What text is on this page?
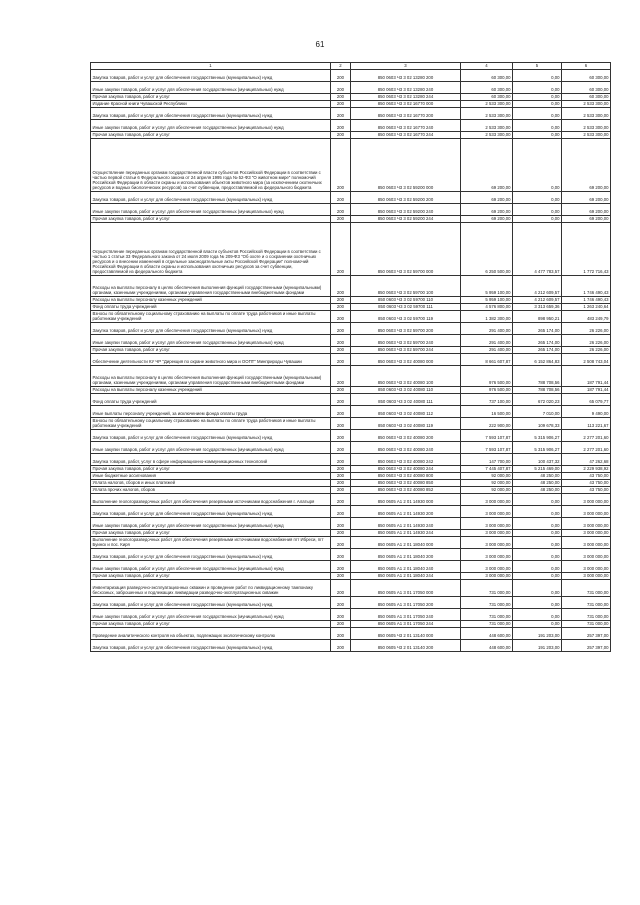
61
1	2	3	4	5	6
Закупка товаров, работ и услуг для обеспечения государственных (муниципальных) нужд	200	850 0603 Ч3 3 02 13280 200	60 300,00	0,00	60 300,00
Иные закупки товаров, работ и услуг для обеспечения государственных (муниципальных) нужд	200	850 0603 Ч3 3 02 13280 240	60 300,00	0,00	60 300,00
Прочая закупка товаров, работ и услуг	200	850 0603 Ч3 3 02 13280 244	60 300,00	0,00	60 300,00
Издание Красной книги Чувашской Республики	200	850 0603 Ч3 3 02 16770 000	2 533 300,00	0,00	2 533 300,00
Закупка товаров, работ и услуг для обеспечения государственных (муниципальных) нужд	200	850 0603 Ч3 3 02 16770 200	2 533 300,00	0,00	2 533 300,00
Иные закупки товаров, работ и услуг для обеспечения государственных (муниципальных) нужд	200	850 0603 Ч3 3 02 16770 240	2 533 300,00	0,00	2 533 300,00
Прочая закупка товаров, работ и услуг	200	850 0603 Ч3 3 02 16770 244	2 533 300,00	0,00	2 533 300,00
Осуществление переданных органам государственной власти субъектов Российской Федерации в соответствии с частью первой статьи 6 Федерального закона от 24 апреля 1995 года № 52-ФЗ "О животном мире" полномочий Российской Федерации в области охраны и использования объектов животного мира (за исключением охотничьих ресурсов и водных биологических ресурсов) за счет субвенции, предоставляемой из федерального бюджета	200	850 0603 Ч3 3 02 59200 000	69 200,00	0,00	69 200,00
Закупка товаров, работ и услуг для обеспечения государственных (муниципальных) нужд	200	850 0603 Ч3 3 02 59200 200	69 200,00	0,00	69 200,00
Иные закупки товаров, работ и услуг для обеспечения государственных (муниципальных) нужд	200	850 0603 Ч3 3 02 59200 240	69 200,00	0,00	69 200,00
Прочая закупка товаров, работ и услуг	200	850 0603 Ч3 3 02 59200 244	69 200,00	0,00	69 200,00
Осуществление переданных органам государственной власти субъектов Российской Федерации в соответствии с частью 1 статьи 33 Федерального закона от 24 июля 2009 года № 209-ФЗ "Об охоте и о сохранении охотничьих ресурсов и о внесении изменений в отдельные законодательные акты Российской Федерации" полномочий Российской Федерации в области охраны и использования охотничьих ресурсов за счет субвенции, предоставляемой из федерального бюджета	200	850 0603 Ч3 3 02 59700 000	6 250 500,00	4 477 783,57	1 772 716,43
Расходы на выплаты персоналу в целях обеспечения выполнения функций государственными (муниципальными) органами, казенными учреждениями, органами управления государственными внебюджетными фондами	200	850 0603 Ч3 3 02 59700 100	5 959 100,00	4 212 609,57	1 746 490,43
Расходы на выплаты персоналу казенных учреждений	200	850 0603 Ч3 3 02 59700 110	5 959 100,00	4 212 609,57	1 746 490,43
Фонд оплаты труда учреждений	200	850 0603 Ч3 3 02 59700 111	4 576 800,00	3 313 659,36	1 263 240,64
Взносы по обязательному социальному страхованию на выплаты по оплате труда работников и иные выплаты работникам учреждений	200	850 0603 Ч3 3 02 59700 119	1 382 300,00	898 950,21	483 249,79
Закупка товаров, работ и услуг для обеспечения государственных (муниципальных) нужд	200	850 0603 Ч3 3 02 59700 200	291 400,00	265 174,00	26 226,00
Иные закупки товаров, работ и услуг для обеспечения государственных (муниципальных) нужд	200	850 0603 Ч3 3 02 59700 240	291 400,00	265 174,00	26 226,00
Прочая закупка товаров, работ и услуг	200	850 0603 Ч3 3 02 59700 244	291 400,00	265 174,00	26 226,00
Обеспечение деятельности КУ ЧР "Дирекция по охране животного мира и ООПТ" Минприроды Чувашии	200	850 0603 Ч3 3 02 40080 000	8 661 607,87	6 152 864,83	2 508 743,04
Расходы на выплаты персоналу в целях обеспечения выполнения функций государственными (муниципальными) органами, казенными учреждениями, органами управления государственными внебюджетными фондами	200	850 0603 Ч3 3 02 40080 100	976 500,00	788 708,56	187 791,44
Расходы на выплаты персоналу казенных учреждений	200	850 0603 Ч3 3 02 40080 110	976 500,00	788 708,56	187 791,44
Фонд оплаты труда учреждений	200	850 0603 Ч3 3 02 40080 111	737 100,00	672 020,23	65 079,77
Иные выплаты персоналу учреждений, за исключением фонда оплаты труда	200	850 0603 Ч3 3 02 40080 112	16 500,00	7 010,00	9 490,00
Взносы по обязательному социальному страхованию на выплаты по оплате труда работников и иные выплаты работникам учреждений	200	850 0603 Ч3 3 02 40080 119	222 900,00	109 678,33	113 221,67
Закупка товаров, работ и услуг для обеспечения государственных (муниципальных) нужд	200	850 0603 Ч3 3 02 40080 200	7 593 107,87	5 315 906,27	2 277 201,60
Иные закупки товаров, работ и услуг для обеспечения государственных (муниципальных) нужд	200	850 0603 Ч3 3 02 40080 240	7 593 107,87	5 315 906,27	2 277 201,60
Закупка товаров, работ, услуг в сфере информационно-коммуникационных технологий	200	850 0603 Ч3 3 02 40080 242	147 700,00	100 437,32	47 262,68
Прочая закупка товаров, работ и услуг	200	850 0603 Ч3 3 02 40080 244	7 445 407,87	5 215 469,00	2 229 938,92
Иные бюджетные ассигнования	200	850 0603 Ч3 3 02 40080 800	92 000,00	48 250,00	43 750,00
Уплата налогов, сборов и иных платежей	200	850 0603 Ч3 3 02 40080 850	92 000,00	48 250,00	43 750,00
Уплата прочих налогов, сборов	200	850 0603 Ч3 3 02 40080 852	92 000,00	48 250,00	43 750,00
Выполнение геологоразведочных работ для обеспечения резервными источниками водоснабжения г. Алатыря	200	850 0605 А1 2 01 14930 000	3 000 000,00	0,00	3 000 000,00
Закупка товаров, работ и услуг для обеспечения государственных (муниципальных) нужд	200	850 0605 А1 2 01 14930 200	3 000 000,00	0,00	3 000 000,00
Иные закупки товаров, работ и услуг для обеспечения государственных (муниципальных) нужд	200	850 0605 А1 2 01 14930 240	3 000 000,00	0,00	3 000 000,00
Прочая закупка товаров, работ и услуг	200	850 0605 А1 2 01 14930 244	3 000 000,00	0,00	3 000 000,00
Выполнение геологоразведочных работ для обеспечения резервными источниками водоснабжения пгт Ибреси, пгт Буинск и пос. Киря	200	850 0605 А1 2 01 18040 000	3 000 000,00	0,00	3 000 000,00
Закупка товаров, работ и услуг для обеспечения государственных (муниципальных) нужд	200	850 0605 А1 2 01 18040 200	3 000 000,00	0,00	3 000 000,00
Иные закупки товаров, работ и услуг для обеспечения государственных (муниципальных) нужд	200	850 0605 А1 2 01 18040 240	3 000 000,00	0,00	3 000 000,00
Прочая закупка товаров, работ и услуг	200	850 0605 А1 2 01 18040 244	3 000 000,00	0,00	3 000 000,00
Инвентаризация разведочно-эксплуатационных скважин и проведение работ по ликвидационному тампонажу бесхозных, заброшенных и подлежащих ликвидации разведочно-эксплуатационных скважин	200	850 0605 А1 3 01 17050 000	731 000,00	0,00	731 000,00
Закупка товаров, работ и услуг для обеспечения государственных (муниципальных) нужд	200	850 0605 А1 3 01 17050 200	731 000,00	0,00	731 000,00
Иные закупки товаров, работ и услуг для обеспечения государственных (муниципальных) нужд	200	850 0605 А1 3 01 17050 240	731 000,00	0,00	731 000,00
Прочая закупка товаров, работ и услуг	200	850 0605 А1 3 01 17050 244	731 000,00	0,00	731 000,00
Проведение аналитического контроля на объектах, подлежащих экологическому контролю	200	850 0605 Ч3 2 01 13140 000	448 600,00	191 203,00	257 397,00
Закупка товаров, работ и услуг для обеспечения государственных (муниципальных) нужд	200	850 0605 Ч3 2 01 13140 200	448 600,00	191 203,00	257 397,00
